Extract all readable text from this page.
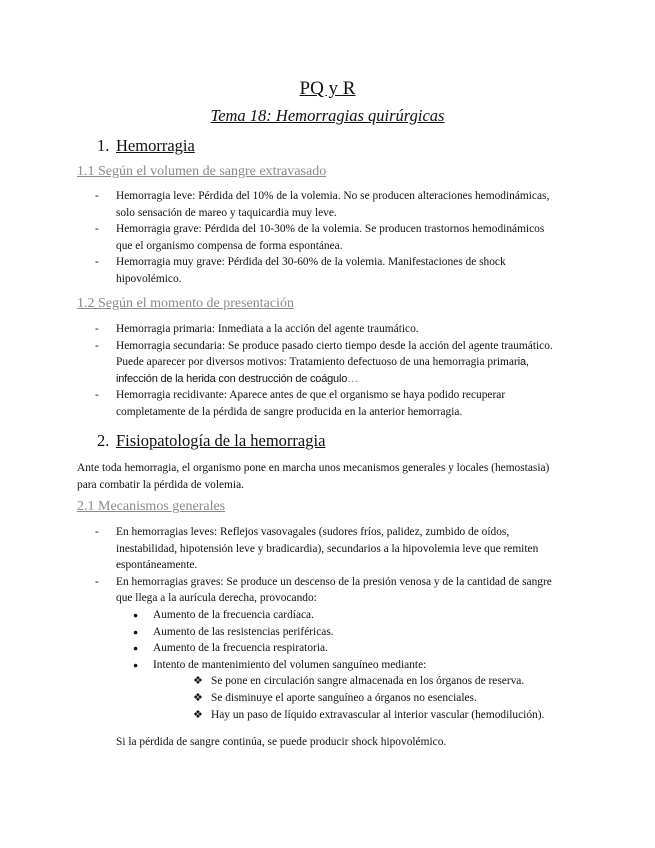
PQ y R
Tema 18: Hemorragias quirúrgicas
1. Hemorragia
1.1 Según el volumen de sangre extravasado
- Hemorragia leve: Pérdida del 10% de la volemia. No se producen alteraciones hemodinámicas, solo sensación de mareo y taquicardia muy leve.
- Hemorragia grave: Pérdida del 10-30% de la volemia. Se producen trastornos hemodinámicos que el organismo compensa de forma espontánea.
- Hemorragia muy grave: Pérdida del 30-60% de la volemia. Manifestaciones de shock hipovolémico.
1.2 Según el momento de presentación
- Hemorragia primaria: Inmediata a la acción del agente traumático.
- Hemorragia secundaria: Se produce pasado cierto tiempo desde la acción del agente traumático. Puede aparecer por diversos motivos: Tratamiento defectuoso de una hemorragia primaria, infección de la herida con destrucción de coágulo…
- Hemorragia recidivante: Aparece antes de que el organismo se haya podido recuperar completamente de la pérdida de sangre producida en la anterior hemorragia.
2. Fisiopatología de la hemorragia
Ante toda hemorragia, el organismo pone en marcha unos mecanismos generales y locales (hemostasia) para combatir la pérdida de volemia.
2.1 Mecanismos generales
- En hemorragias leves: Reflejos vasovagales (sudores fríos, palidez, zumbido de oídos, inestabilidad, hipotensión leve y bradicardia), secundarios a la hipovolemia leve que remiten espontáneamente.
- En hemorragias graves: Se produce un descenso de la presión venosa y de la cantidad de sangre que llega a la aurícula derecha, provocando:
● Aumento de la frecuencia cardíaca.
● Aumento de las resistencias periféricas.
● Aumento de la frecuencia respiratoria.
● Intento de mantenimiento del volumen sanguíneo mediante:
❖ Se pone en circulación sangre almacenada en los órganos de reserva.
❖ Se disminuye el aporte sanguíneo a órganos no esenciales.
❖ Hay un paso de líquido extravascular al interior vascular (hemodilución).
Si la pérdida de sangre continúa, se puede producir shock hipovolémico.
